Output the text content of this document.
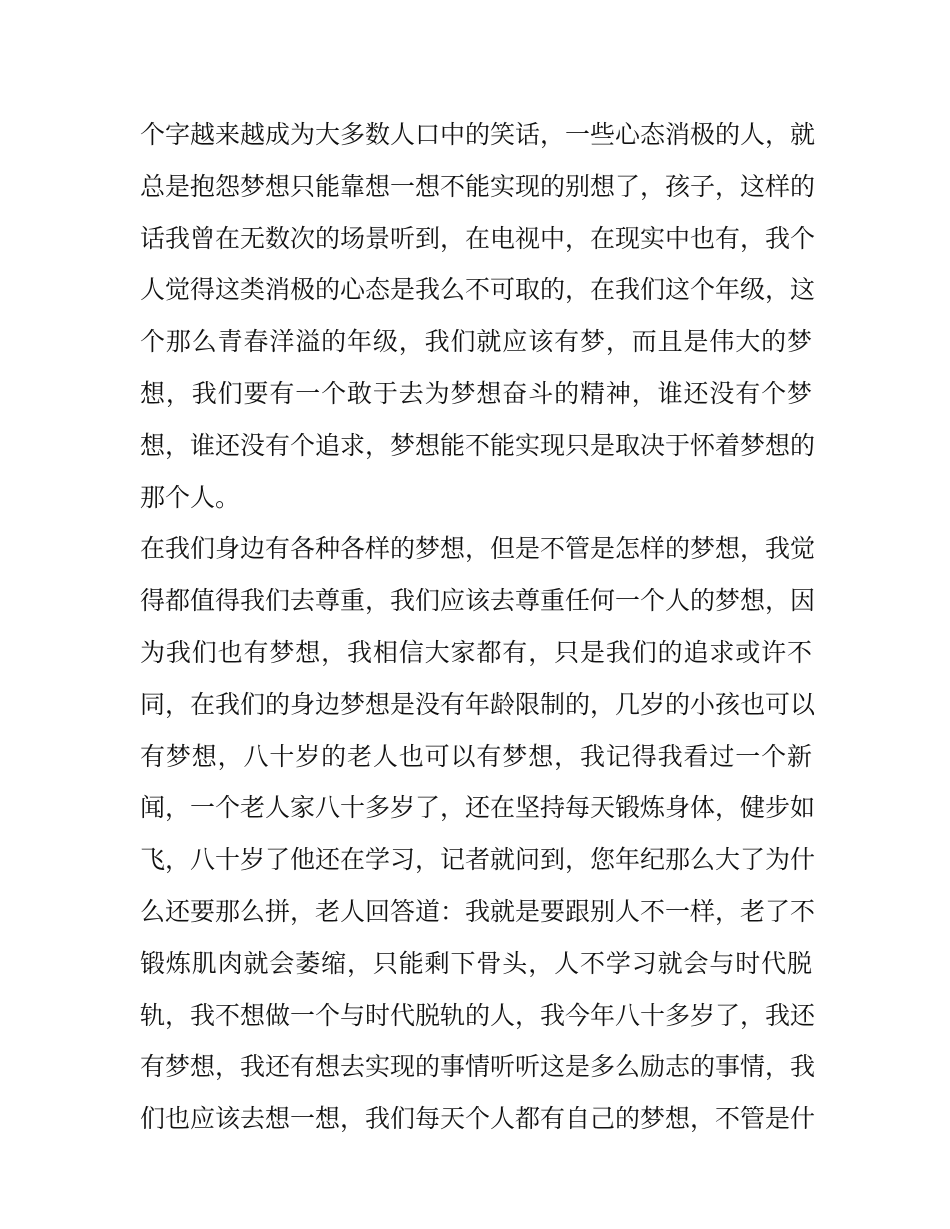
个字越来越成为大多数人口中的笑话，一些心态消极的人，就
总是抱怨梦想只能靠想一想不能实现的别想了，孩子，这样的
话我曾在无数次的场景听到，在电视中，在现实中也有，我个
人觉得这类消极的心态是我么不可取的，在我们这个年级，这
个那么青春洋溢的年级，我们就应该有梦，而且是伟大的梦
想，我们要有一个敢于去为梦想奋斗的精神，谁还没有个梦
想，谁还没有个追求，梦想能不能实现只是取决于怀着梦想的
那个人。
在我们身边有各种各样的梦想，但是不管是怎样的梦想，我觉
得都值得我们去尊重，我们应该去尊重任何一个人的梦想，因
为我们也有梦想，我相信大家都有，只是我们的追求或许不
同，在我们的身边梦想是没有年龄限制的，几岁的小孩也可以
有梦想，八十岁的老人也可以有梦想，我记得我看过一个新
闻，一个老人家八十多岁了，还在坚持每天锻炼身体，健步如
飞，八十岁了他还在学习，记者就问到，您年纪那么大了为什
么还要那么拼，老人回答道：我就是要跟别人不一样，老了不
锻炼肌肉就会萎缩，只能剩下骨头，人不学习就会与时代脱
轨，我不想做一个与时代脱轨的人，我今年八十多岁了，我还
有梦想，我还有想去实现的事情听听这是多么励志的事情，我
们也应该去想一想，我们每天个人都有自己的梦想，不管是什
